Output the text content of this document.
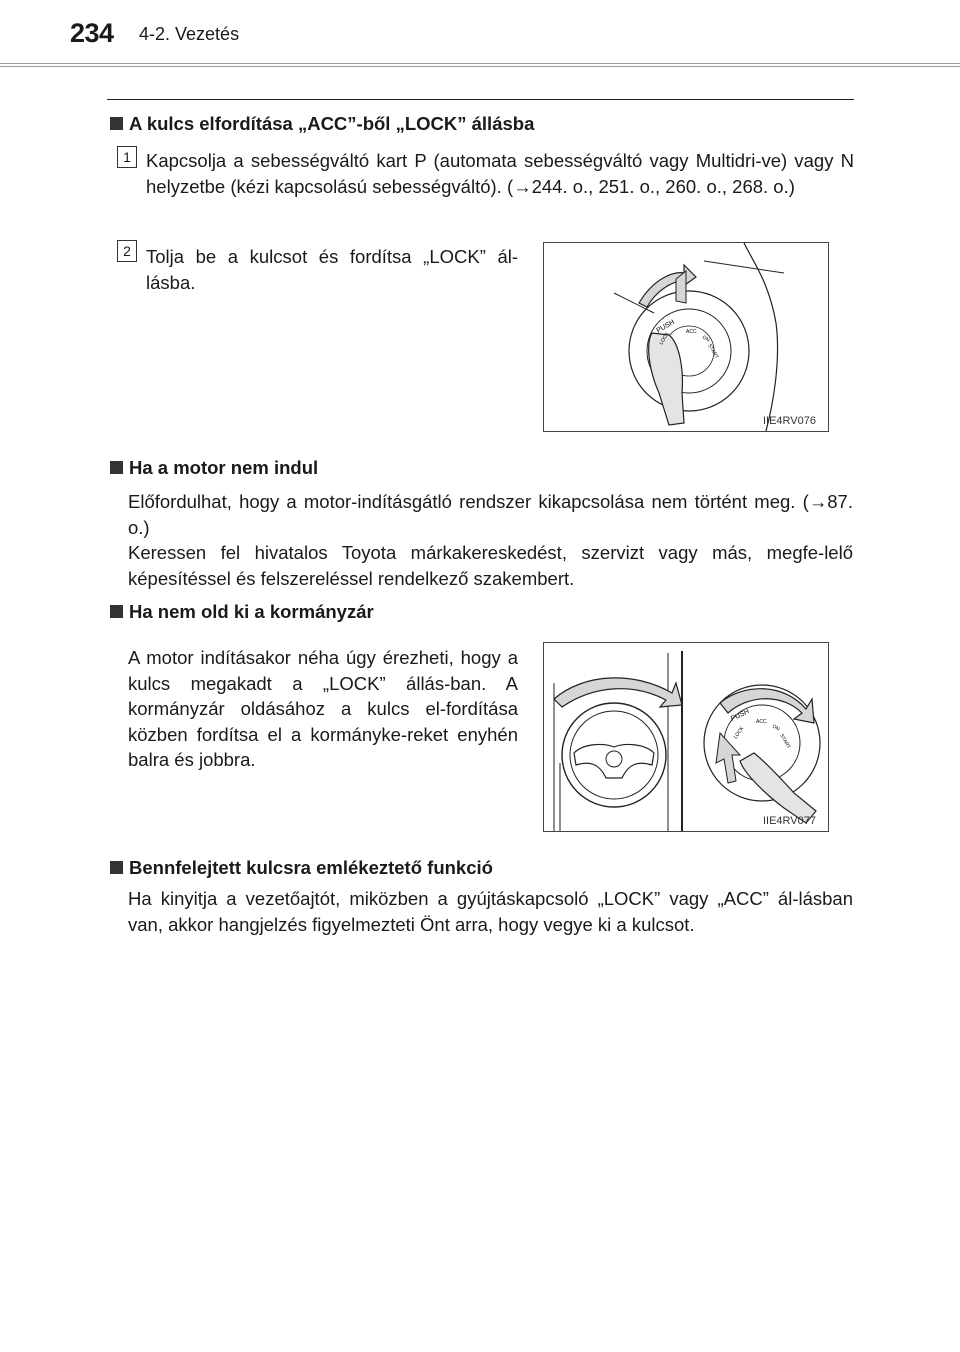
234 4-2. Vezetés
A kulcs elfordítása „ACC”-ből „LOCK” állásba
1 Kapcsolja a sebességváltó kart P (automata sebességváltó vagy Multidri-ve) vagy N helyzetbe (kézi kapcsolású sebességváltó). (→244. o., 251. o., 260. o., 268. o.)
2 Tolja be a kulcsot és fordítsa „LOCK” ál-lásba.
PUSH
LOCK	ACC
ON
START
IIE4RV076
Ha a motor nem indul
Előfordulhat, hogy a motor-indításgátló rendszer kikapcsolása nem történt meg. (→87. o.)
Keressen fel hivatalos Toyota márkakereskedést, szervizt vagy más, megfe-lelő képesítéssel és felszereléssel rendelkező szakembert.
Ha nem old ki a kormányzár
A motor indításakor néha úgy érezheti, hogy a kulcs megakadt a „LOCK” állás-ban. A kormányzár oldásához a kulcs el-fordítása közben fordítsa el a kormányke-reket enyhén balra és jobbra.
PUSH
LOCK
ACC
ON
START
IIE4RV077
Bennfelejtett kulcsra emlékeztető funkció
Ha kinyitja a vezetőajtót, miközben a gyújtáskapcsoló „LOCK” vagy „ACC” ál-lásban van, akkor hangjelzés figyelmezteti Önt arra, hogy vegye ki a kulcsot.
